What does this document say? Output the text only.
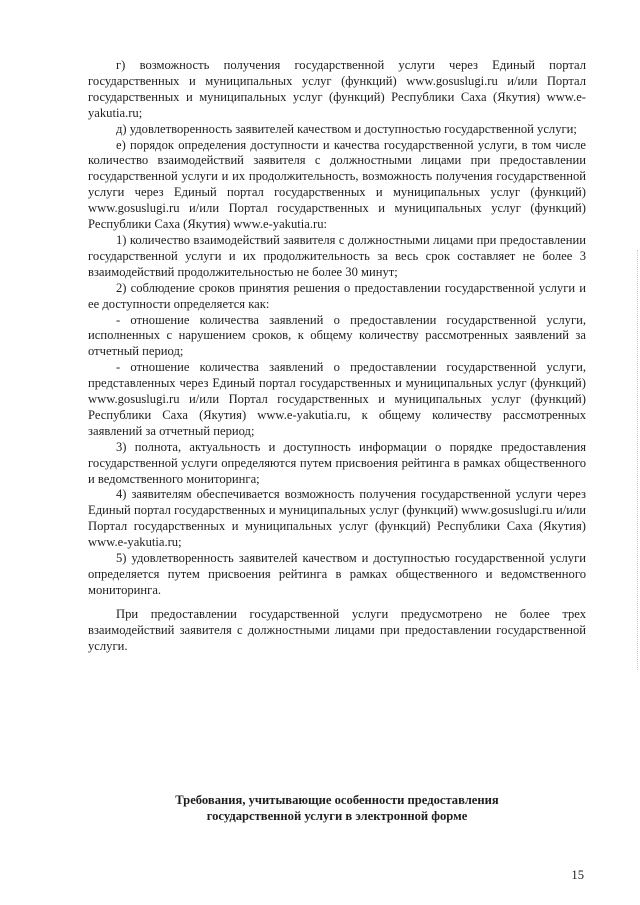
г) возможность получения государственной услуги через Единый портал государственных и муниципальных услуг (функций) www.gosuslugi.ru и/или Портал государственных и муниципальных услуг (функций) Республики Саха (Якутия) www.e-yakutia.ru;

д) удовлетворенность заявителей качеством и доступностью государственной услуги;

е) порядок определения доступности и качества государственной услуги, в том числе количество взаимодействий заявителя с должностными лицами при предоставлении государственной услуги и их продолжительность, возможность получения государственной услуги через Единый портал государственных и муниципальных услуг (функций) www.gosuslugi.ru и/или Портал государственных и муниципальных услуг (функций) Республики Саха (Якутия) www.e-yakutia.ru:

1) количество взаимодействий заявителя с должностными лицами при предоставлении государственной услуги и их продолжительность за весь срок составляет не более 3 взаимодействий продолжительностью не более 30 минут;

2) соблюдение сроков принятия решения о предоставлении государственной услуги и ее доступности определяется как:

- отношение количества заявлений о предоставлении государственной услуги, исполненных с нарушением сроков, к общему количеству рассмотренных заявлений за отчетный период;

- отношение количества заявлений о предоставлении государственной услуги, представленных через Единый портал государственных и муниципальных услуг (функций) www.gosuslugi.ru и/или Портал государственных и муниципальных услуг (функций) Республики Саха (Якутия) www.e-yakutia.ru, к общему количеству рассмотренных заявлений за отчетный период;

3) полнота, актуальность и доступность информации о порядке предоставления государственной услуги определяются путем присвоения рейтинга в рамках общественного и ведомственного мониторинга;

4) заявителям обеспечивается возможность получения государственной услуги через Единый портал государственных и муниципальных услуг (функций) www.gosuslugi.ru и/или Портал государственных и муниципальных услуг (функций) Республики Саха (Якутия) www.e-yakutia.ru;

5) удовлетворенность заявителей качеством и доступностью государственной услуги определяется путем присвоения рейтинга в рамках общественного и ведомственного мониторинга.

При предоставлении государственной услуги предусмотрено не более трех взаимодействий заявителя с должностными лицами при предоставлении государственной услуги.

Требования, учитывающие особенности предоставления
государственной услуги в электронной форме
15
